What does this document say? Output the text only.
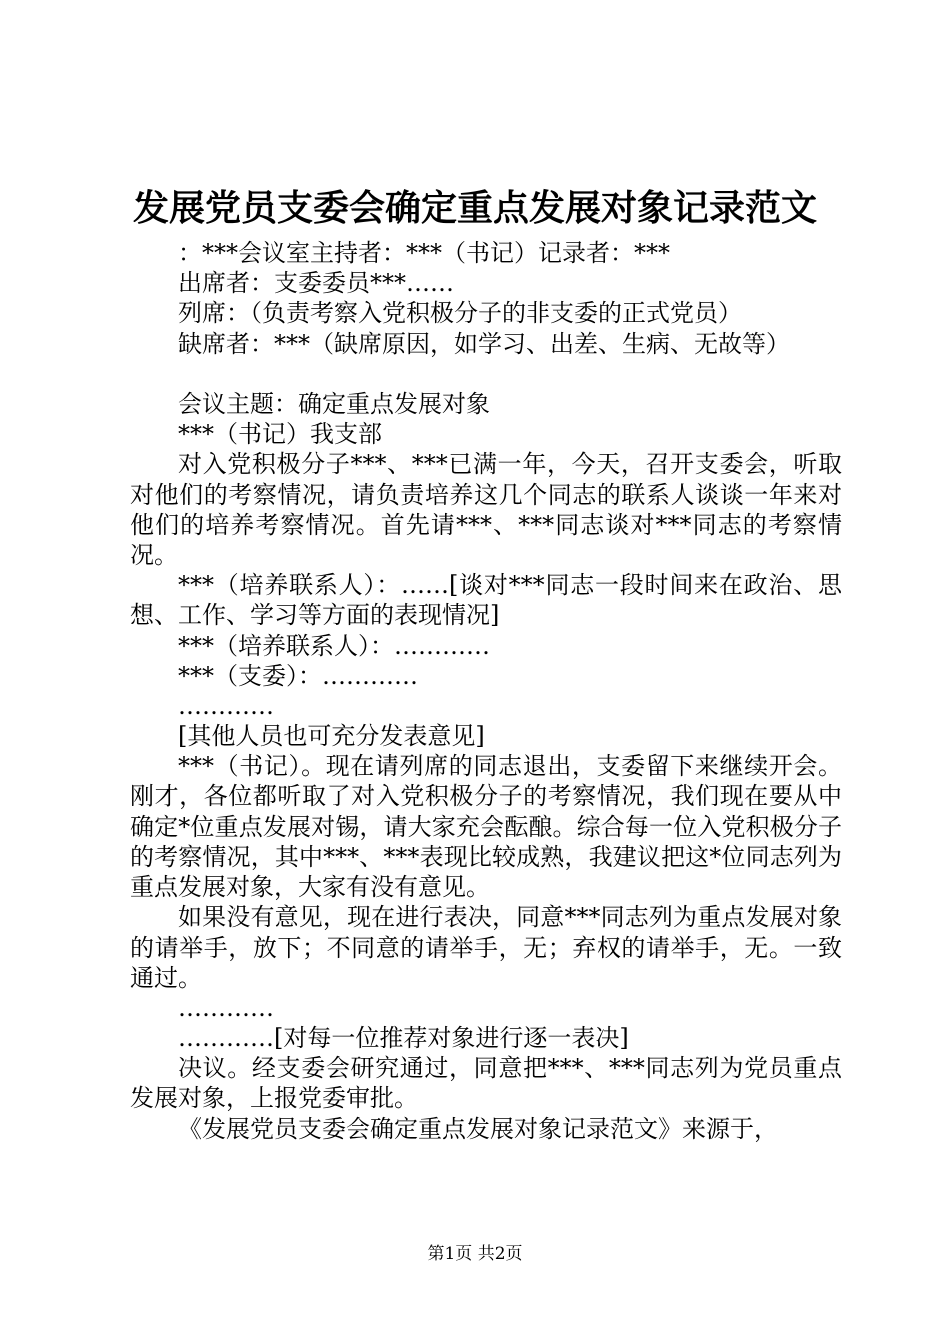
发展党员支委会确定重点发展对象记录范文
：***会议室主持者：***（书记）记录者：***
出席者：支委委员***……
列席：（负责考察入党积极分子的非支委的正式党员）
缺席者：***（缺席原因，如学习、出差、生病、无故等）
会议主题：确定重点发展对象
***（书记）我支部
对入党积极分子***、***已满一年，今天，召开支委会，听取对他们的考察情况，请负责培养这几个同志的联系人谈谈一年来对他们的培养考察情况。首先请***、***同志谈对***同志的考察情况。
***（培养联系人）：……[谈对***同志一段时间来在政治、思想、工作、学习等方面的表现情况]
***（培养联系人）：…………
***（支委）：…………
…………
[其他人员也可充分发表意见]
***（书记）。现在请列席的同志退出，支委留下来继续开会。刚才，各位都听取了对入党积极分子的考察情况，我们现在要从中确定*位重点发展对锡，请大家充会酝酿。综合每一位入党积极分子的考察情况，其中***、***表现比较成熟，我建议把这*位同志列为重点发展对象，大家有没有意见。
如果没有意见，现在进行表决，同意***同志列为重点发展对象的请举手，放下；不同意的请举手，无；弃权的请举手，无。一致通过。
…………
…………[对每一位推荐对象进行逐一表决]
决议。经支委会研究通过，同意把***、***同志列为党员重点发展对象，上报党委审批。
《发展党员支委会确定重点发展对象记录范文》来源于，
第1页 共2页
